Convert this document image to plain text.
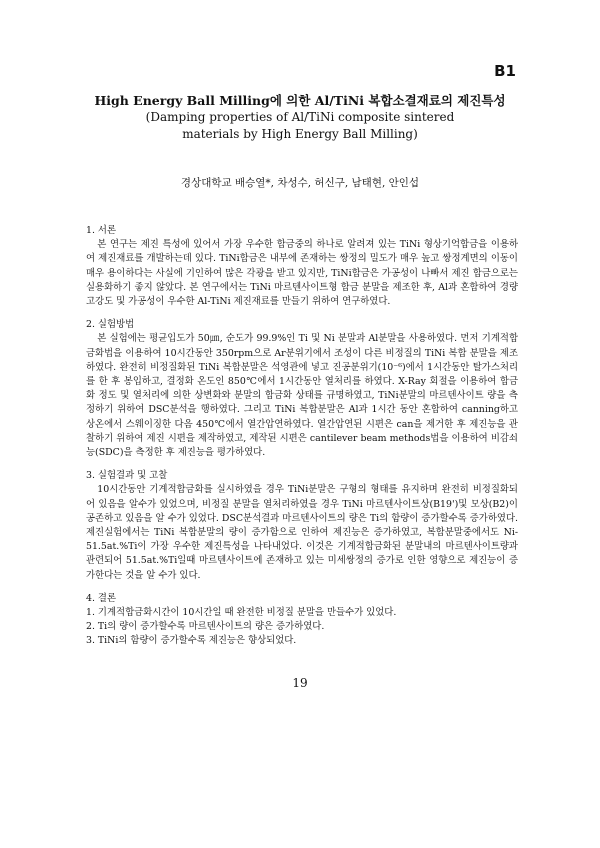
B1
High Energy Ball Milling에 의한 Al/TiNi 복합소결재료의 제진특성
(Damping properties of Al/TiNi composite sintered
materials by High Energy Ball Milling)
경상대학교 배승열*, 차성수, 허신구, 남태현, 안인섭

1. 서론

본 연구는 제진 특성에 있어서 가장 우수한 합금중의 하나로 알려져 있는 TiNi 형상기억합금을 이용하여 제진재료를 개발하는데 있다. TiNi합금은 내부에 존재하는 쌍정의 밀도가 매우 높고 쌍정계면의 이동이 매우 용이하다는 사실에 기인하여 많은 각광을 받고 있지만, TiNi합금은 가공성이 나빠서 제진 합금으로는 실용화하기 좋지 않았다. 본 연구에서는 TiNi 마르텐사이트형 합금 분말을 제조한 후, Al과 혼합하여 경량 고강도 및 가공성이 우수한 Al-TiNi 제진재료를 만들기 위하여 연구하였다.

2. 실험방법

본 실험에는 평균입도가 50㎛, 순도가 99.9%인 Ti 및 Ni 분말과 Al분말을 사용하였다. 먼저 기계적합금화법을 이용하여 10시간동안 350rpm으로 Ar분위기에서 조성이 다른 비정질의 TiNi 복합 분말을 제조하였다. 완전히 비정질화된 TiNi 복합분말은 석영관에 넣고 진공분위기(10⁻⁶)에서 1시간동안 탈가스처리를 한 후 봉입하고, 결정화 온도인 850℃에서 1시간동안 열처리를 하였다. X-Ray 회절을 이용하여 합금화 정도 및 열처리에 의한 상변화와 분말의 합금화 상태를 규명하였고, TiNi분말의 마르텐사이트 량을 측정하기 위하여 DSC분석을 행하였다. 그리고 TiNi 복합분말은 Al과 1시간 동안 혼합하여 canning하고 상온에서 스웨이징한 다음 450℃에서 열간압연하였다. 열간압연된 시편은 can을 제거한 후 제진능을 관찰하기 위하여 제진 시편을 제작하였고, 제작된 시편은 cantilever beam methods법을 이용하여 비감쇠능(SDC)을 측정한 후 제진능을 평가하였다.

3. 실험결과 및 고찰

10시간동안 기계적합금화를 실시하였을 경우 TiNi분말은 구형의 형태를 유지하며 완전히 비정질화되어 있음을 알수가 있었으며, 비정질 분말을 열처리하였을 경우 TiNi 마르텐사이트상(B19')및 모상(B2)이 공존하고 있음을 알 수가 있었다. DSC분석결과 마르텐사이트의 량은 Ti의 함량이 증가할수록 증가하였다. 제진실험에서는 TiNi 복합분말의 량이 증가함으로 인하여 제진능은 증가하였고, 복합분말중에서도 Ni-51.5at.%Ti이 가장 우수한 제진특성을 나타내었다. 이것은 기계적합금화된 분말내의 마르텐사이트량과 관련되어 51.5at.%Ti일때 마르텐사이트에 존재하고 있는 미세쌍정의 증가로 인한 영향으로 제진능이 증가한다는 것을 알 수가 있다.

4. 결론

1. 기계적합금화시간이 10시간일 때 완전한 비정질 분말을 만들수가 있었다.
2. Ti의 량이 증가할수록 마르텐사이트의 량은 증가하였다.
3. TiNi의 함량이 증가할수록 제진능은 향상되었다.
19
